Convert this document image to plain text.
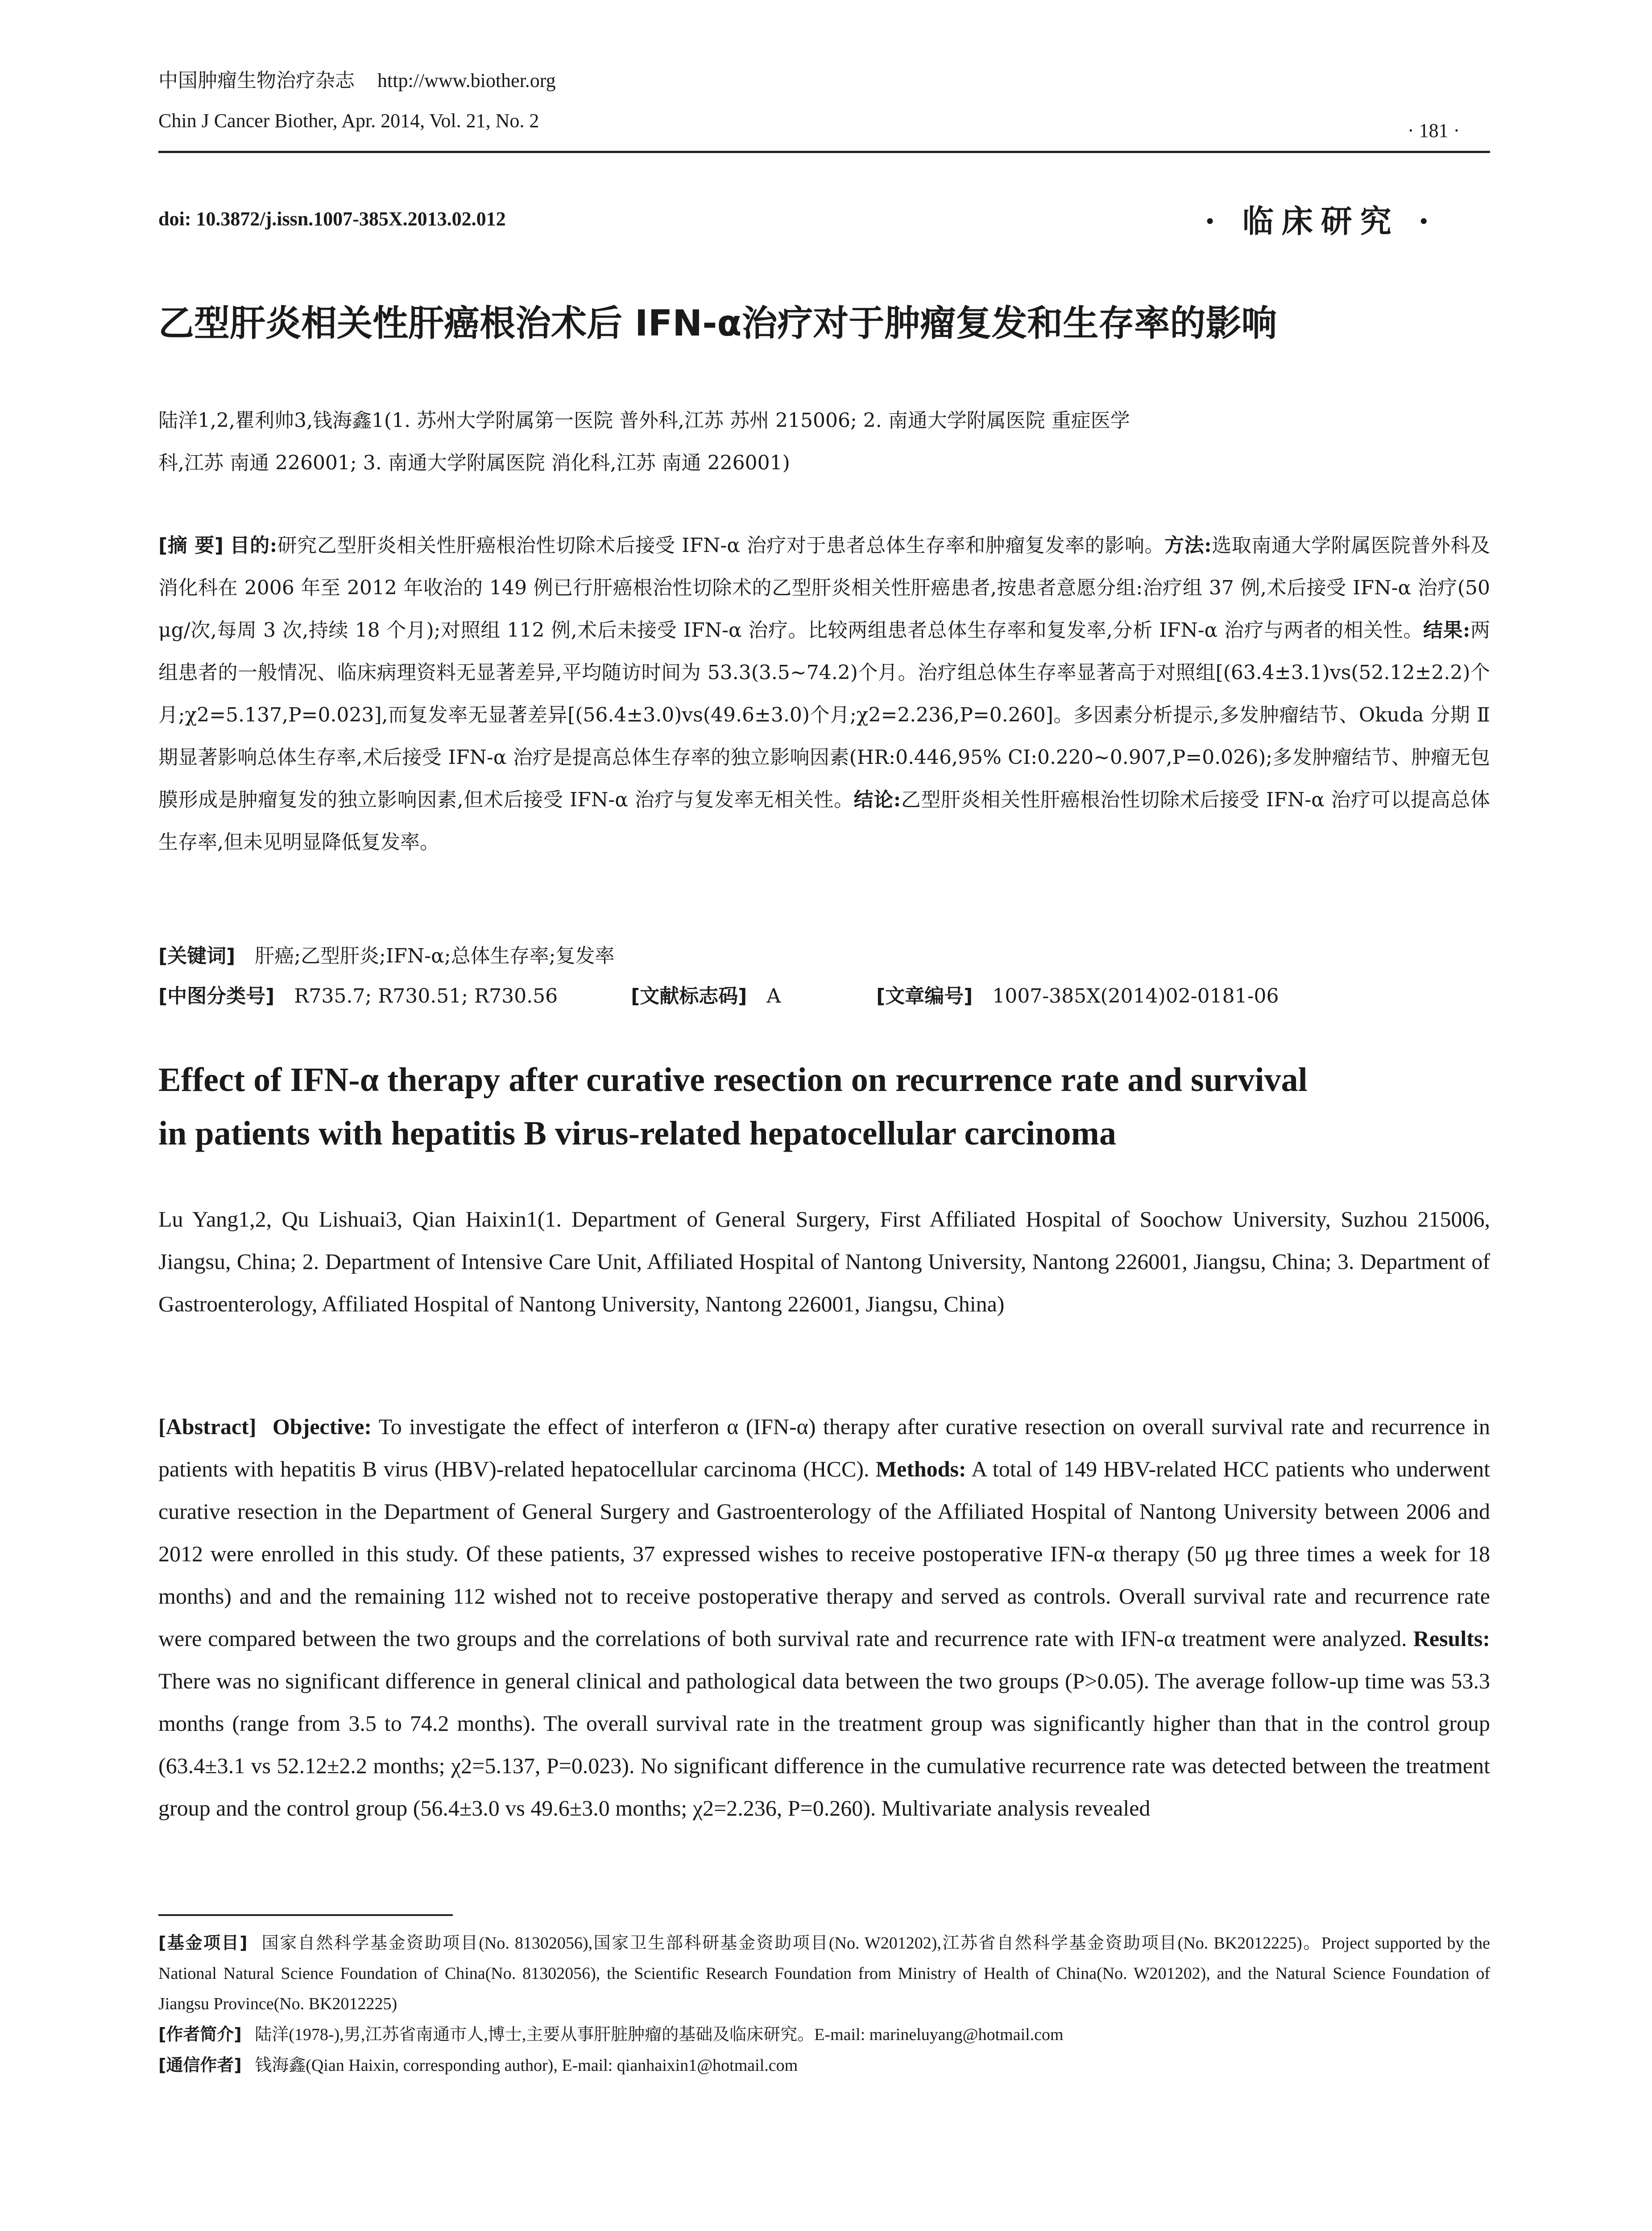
中国肿瘤生物治疗杂志 http://www.biother.org
Chin J Cancer Biother, Apr. 2014, Vol. 21, No. 2	· 181 ·
doi: 10.3872/j.issn.1007-385X.2013.02.012	· 临床研究 ·
乙型肝炎相关性肝癌根治术后 IFN-α治疗对于肿瘤复发和生存率的影响
陆洋1,2,瞿利帅3,钱海鑫1(1. 苏州大学附属第一医院 普外科,江苏 苏州 215006; 2. 南通大学附属医院 重症医学
科,江苏 南通 226001; 3. 南通大学附属医院 消化科,江苏 南通 226001)
[摘 要] 目的:研究乙型肝炎相关性肝癌根治性切除术后接受 IFN-α 治疗对于患者总体生存率和肿瘤复发率的影响。方法:选取南通大学附属医院普外科及消化科在 2006 年至 2012 年收治的 149 例已行肝癌根治性切除术的乙型肝炎相关性肝癌患者,按患者意愿分组:治疗组 37 例,术后接受 IFN-α 治疗(50 μg/次,每周 3 次,持续 18 个月);对照组 112 例,术后未接受 IFN-α 治疗。比较两组患者总体生存率和复发率,分析 IFN-α 治疗与两者的相关性。结果:两组患者的一般情况、临床病理资料无显著差异,平均随访时间为 53.3(3.5~74.2)个月。治疗组总体生存率显著高于对照组[(63.4±3.1)vs(52.12±2.2)个月;χ2=5.137,P=0.023],而复发率无显著差异[(56.4±3.0)vs(49.6±3.0)个月;χ2=2.236,P=0.260]。多因素分析提示,多发肿瘤结节、Okuda 分期 Ⅱ 期显著影响总体生存率,术后接受 IFN-α 治疗是提高总体生存率的独立影响因素(HR:0.446,95% CI:0.220~0.907,P=0.026);多发肿瘤结节、肿瘤无包膜形成是肿瘤复发的独立影响因素,但术后接受 IFN-α 治疗与复发率无相关性。结论:乙型肝炎相关性肝癌根治性切除术后接受 IFN-α 治疗可以提高总体生存率,但未见明显降低复发率。
[关键词] 肝癌;乙型肝炎;IFN-α;总体生存率;复发率
[中图分类号] R735.7; R730.51; R730.56	[文献标志码] A	[文章编号] 1007-385X(2014)02-0181-06
Effect of IFN-α therapy after curative resection on recurrence rate and survival
in patients with hepatitis B virus-related hepatocellular carcinoma
Lu Yang1,2, Qu Lishuai3, Qian Haixin1(1. Department of General Surgery, First Affiliated Hospital of Soochow University, Suzhou 215006, Jiangsu, China; 2. Department of Intensive Care Unit, Affiliated Hospital of Nantong University, Nantong 226001, Jiangsu, China; 3. Department of Gastroenterology, Affiliated Hospital of Nantong University, Nantong 226001, Jiangsu, China)
[Abstract] Objective: To investigate the effect of interferon α (IFN-α) therapy after curative resection on overall survival rate and recurrence in patients with hepatitis B virus (HBV)-related hepatocellular carcinoma (HCC). Methods: A total of 149 HBV-related HCC patients who underwent curative resection in the Department of General Surgery and Gastroenterology of the Affiliated Hospital of Nantong University between 2006 and 2012 were enrolled in this study. Of these patients, 37 expressed wishes to receive postoperative IFN-α therapy (50 μg three times a week for 18 months) and and the remaining 112 wished not to receive postoperative therapy and served as controls. Overall survival rate and recurrence rate were compared between the two groups and the correlations of both survival rate and recurrence rate with IFN-α treatment were analyzed. Results: There was no significant difference in general clinical and pathological data between the two groups (P>0.05). The average follow-up time was 53.3 months (range from 3.5 to 74.2 months). The overall survival rate in the treatment group was significantly higher than that in the control group (63.4±3.1 vs 52.12±2.2 months; χ2=5.137, P=0.023). No significant difference in the cumulative recurrence rate was detected between the treatment group and the control group (56.4±3.0 vs 49.6±3.0 months; χ2=2.236, P=0.260). Multivariate analysis revealed
[基金项目] 国家自然科学基金资助项目(No. 81302056),国家卫生部科研基金资助项目(No. W201202),江苏省自然科学基金资助项目(No. BK2012225)。Project supported by the National Natural Science Foundation of China(No. 81302056), the Scientific Research Foundation from Ministry of Health of China(No. W201202), and the Natural Science Foundation of Jiangsu Province(No. BK2012225)
[作者简介] 陆洋(1978-),男,江苏省南通市人,博士,主要从事肝脏肿瘤的基础及临床研究。E-mail: marineluyang@hotmail.com
[通信作者] 钱海鑫(Qian Haixin, corresponding author), E-mail: qianhaixin1@hotmail.com
